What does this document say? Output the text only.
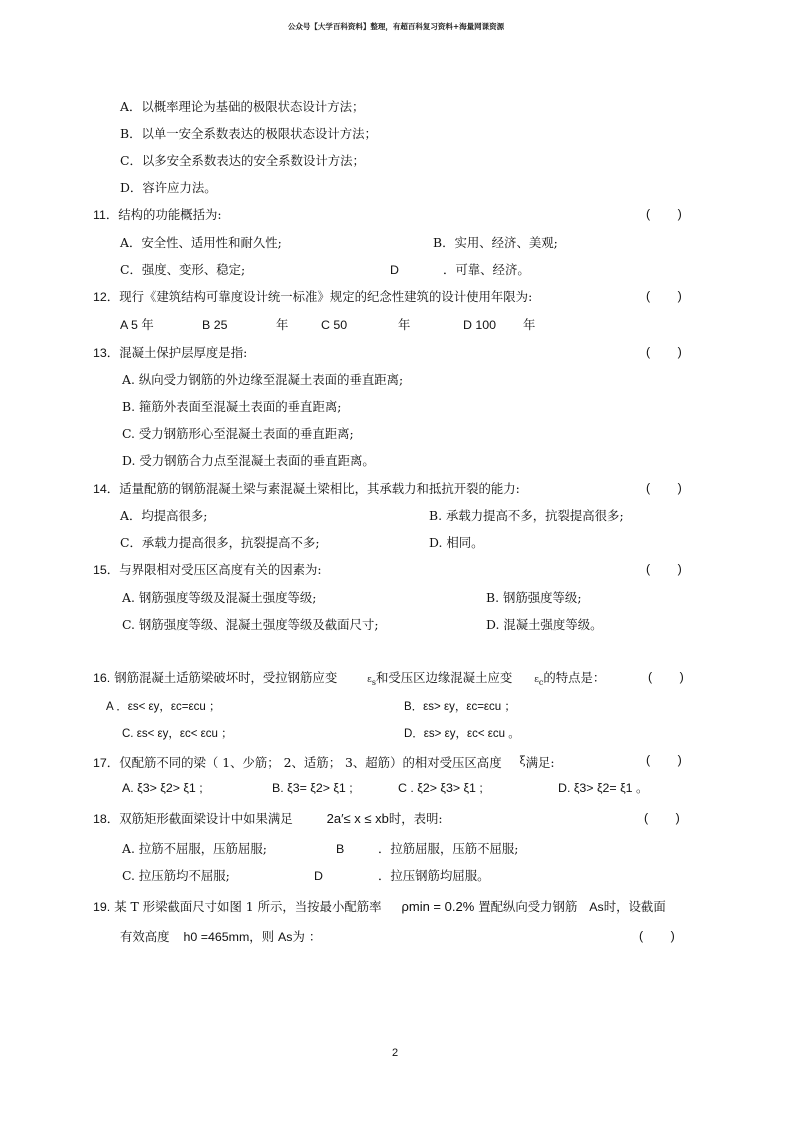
公众号【大学百科资料】整理，有超百科复习资料+海量网课资源
A．以概率理论为基础的极限状态设计方法；
B．以单一安全系数表达的极限状态设计方法；
C．以多安全系数表达的安全系数设计方法；
D．容许应力法。
11．结构的功能概括为:	(        )
A．安全性、适用性和耐久性;	B．实用、经济、美观;
C．强度、变形、稳定;	D	．可靠、经济。
12．现行《建筑结构可靠度设计统一标准》规定的纪念性建筑的设计使用年限为:	(        )
A 5 年	B 25	年	C 50	年	D 100 年
13．混凝土保护层厚度是指:	(        )
A. 纵向受力钢筋的外边缘至混凝土表面的垂直距离;
B. 箍筋外表面至混凝土表面的垂直距离;
C. 受力钢筋形心至混凝土表面的垂直距离;
D. 受力钢筋合力点至混凝土表面的垂直距离。
14．适量配筋的钢筋混凝土梁与素混凝土梁相比，其承载力和抵抗开裂的能力:	(        )
A．均提高很多;	B. 承载力提高不多，抗裂提高很多;
C．承载力提高很多，抗裂提高不多;	D. 相同。
15．与界限相对受压区高度有关的因素为:	(        )
A. 钢筋强度等级及混凝土强度等级;	B. 钢筋强度等级;
C. 钢筋强度等级、混凝土强度等级及截面尺寸;	D. 混凝土强度等级。
16. 钢筋混凝土适筋梁破坏时，受拉钢筋应变	$\varepsilon_s$和受压区边缘混凝土应变 $\varepsilon_c$的特点是：	(        )
A ．εs< εy，εc=εcu ；	B．εs> εy，εc=εcu ；
C. εs< εy，εc< εcu ；	D．εs> εy，εc< εcu 。
17．仅配筋不同的梁（ 1、少筋； 2、适筋； 3、超筋）的相对受压区高度 ξ满足:	(        )
A. ξ3> ξ2> ξ1 ;	B. ξ3= ξ2> ξ1 ;	C . ξ2> ξ3> ξ1 ;	D. ξ3> ξ2= ξ1 。
18．双筋矩形截面梁设计中如果满足	2a′≤ x ≤ xb时，表明:	(        )
A. 拉筋不屈服，压筋屈服;	B	．拉筋屈服，压筋不屈服;
C. 拉压筋均不屈服;	D	．拉压钢筋均屈服。
19. 某 T 形梁截面尺寸如图 1 所示，当按最小配筋率 ρmin = 0.2% 置配纵向受力钢筋 As时，设截面
有效高度 h0 =465mm，则 As为 ：	(        )
2
